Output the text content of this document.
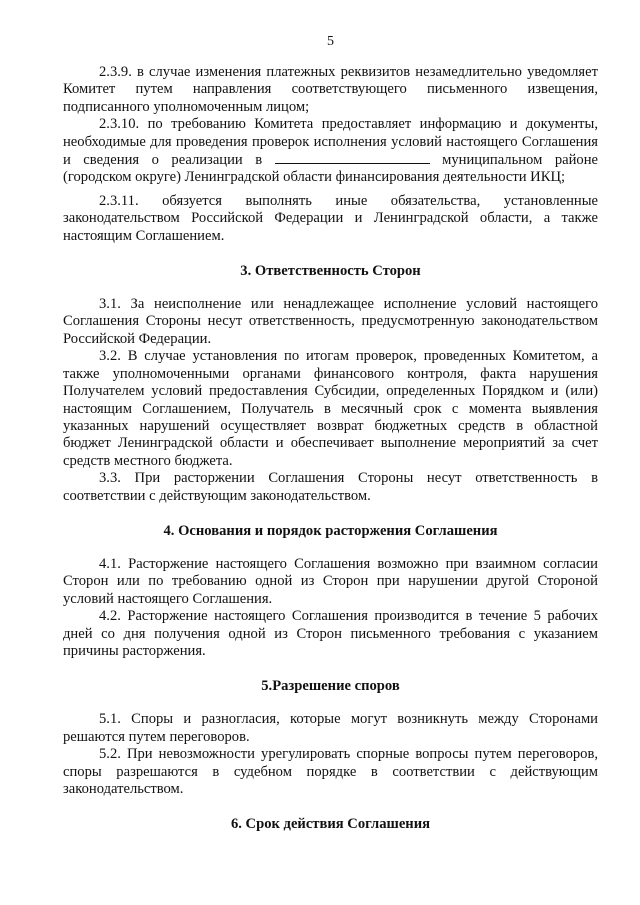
5

2.3.9. в случае изменения платежных реквизитов незамедлительно уведомляет Комитет путем направления соответствующего письменного извещения, подписанного уполномоченным лицом;

2.3.10. по требованию Комитета предоставляет информацию и документы, необходимые для проведения проверок исполнения условий настоящего Соглашения и сведения о реализации в	муниципальном районе (городском округе) Ленинградской области финансирования деятельности ИКЦ;

2.3.11. обязуется выполнять иные обязательства, установленные законодательством Российской Федерации и Ленинградской области, а также настоящим Соглашением.

3. Ответственность Сторон

3.1. За неисполнение или ненадлежащее исполнение условий настоящего Соглашения Стороны несут ответственность, предусмотренную законодательством Российской Федерации.

3.2. В случае установления по итогам проверок, проведенных Комитетом, а также уполномоченными органами финансового контроля, факта нарушения Получателем условий предоставления Субсидии, определенных Порядком и (или) настоящим Соглашением, Получатель в месячный срок с момента выявления указанных нарушений осуществляет возврат бюджетных средств в областной бюджет Ленинградской области и обеспечивает выполнение мероприятий за счет средств местного бюджета.

3.3. При расторжении Соглашения Стороны несут ответственность в соответствии с действующим законодательством.

4. Основания и порядок расторжения Соглашения

4.1. Расторжение настоящего Соглашения возможно при взаимном согласии Сторон или по требованию одной из Сторон при нарушении другой Стороной условий настоящего Соглашения.

4.2. Расторжение настоящего Соглашения производится в течение 5 рабочих дней со дня получения одной из Сторон письменного требования с указанием причины расторжения.

5.Разрешение споров

5.1. Споры и разногласия, которые могут возникнуть между Сторонами решаются путем переговоров.

5.2. При невозможности урегулировать спорные вопросы путем переговоров, споры разрешаются в судебном порядке в соответствии с действующим законодательством.

6. Срок действия Соглашения
